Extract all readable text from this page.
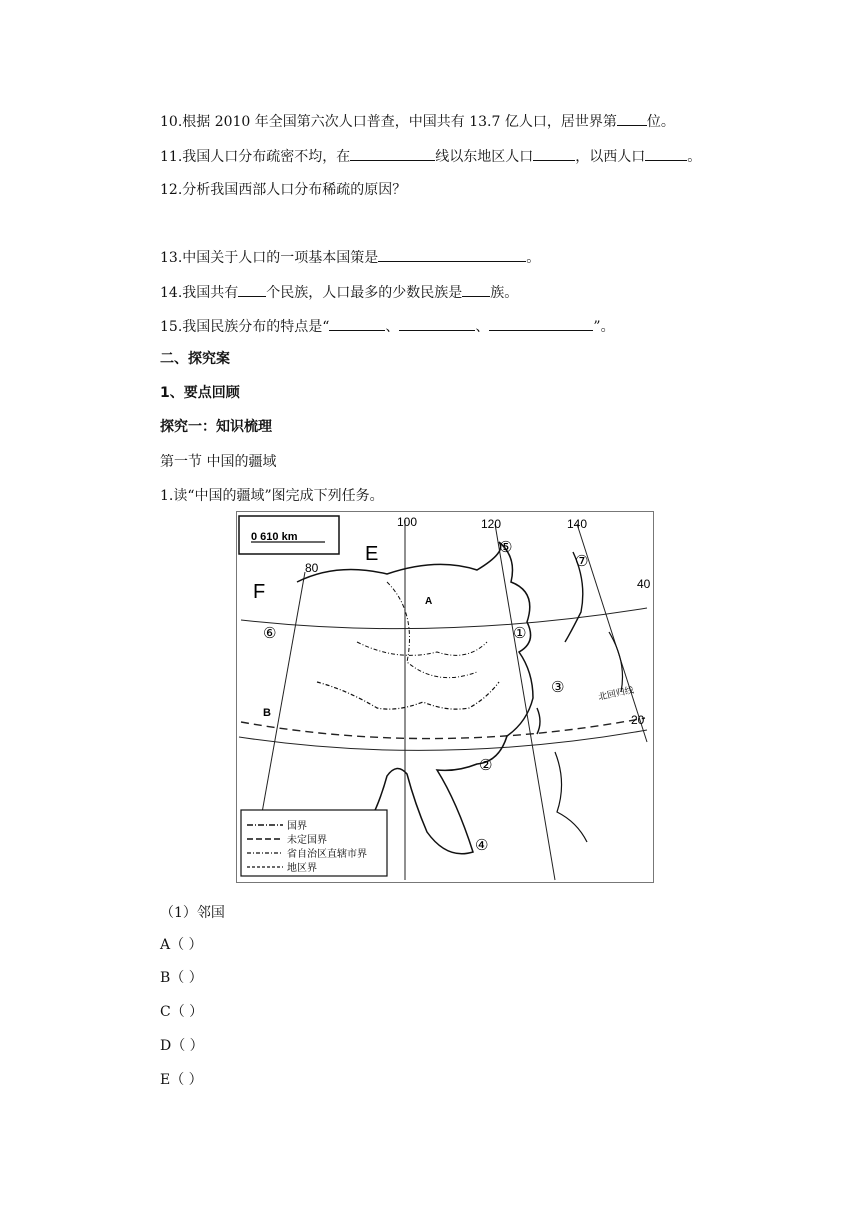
10.根据 2010 年全国第六次人口普查，中国共有 13.7 亿人口，居世界第 位。
11.我国人口分布疏密不均，在	线以东地区人口	，以西人口	。
12.分析我国西部人口分布稀疏的原因？
13.中国关于人口的一项基本国策是	。
14.我国共有 个民族，人口最多的少数民族是 族。
15.我国民族分布的特点是“	、	、	”。
二、探究案
1、要点回顾
探究一：知识梳理
第一节 中国的疆域
1.读“中国的疆域”图完成下列任务。
0 610 km
100	120	140
80
40
20
E
F	A
B
①
②
③
④
⑤
⑥
⑦
北回归线
国界
未定国界
省自治区直辖市界
地区界
（1）邻国
A（ ）
B（ ）
C（ ）
D（ ）
E（ ）
